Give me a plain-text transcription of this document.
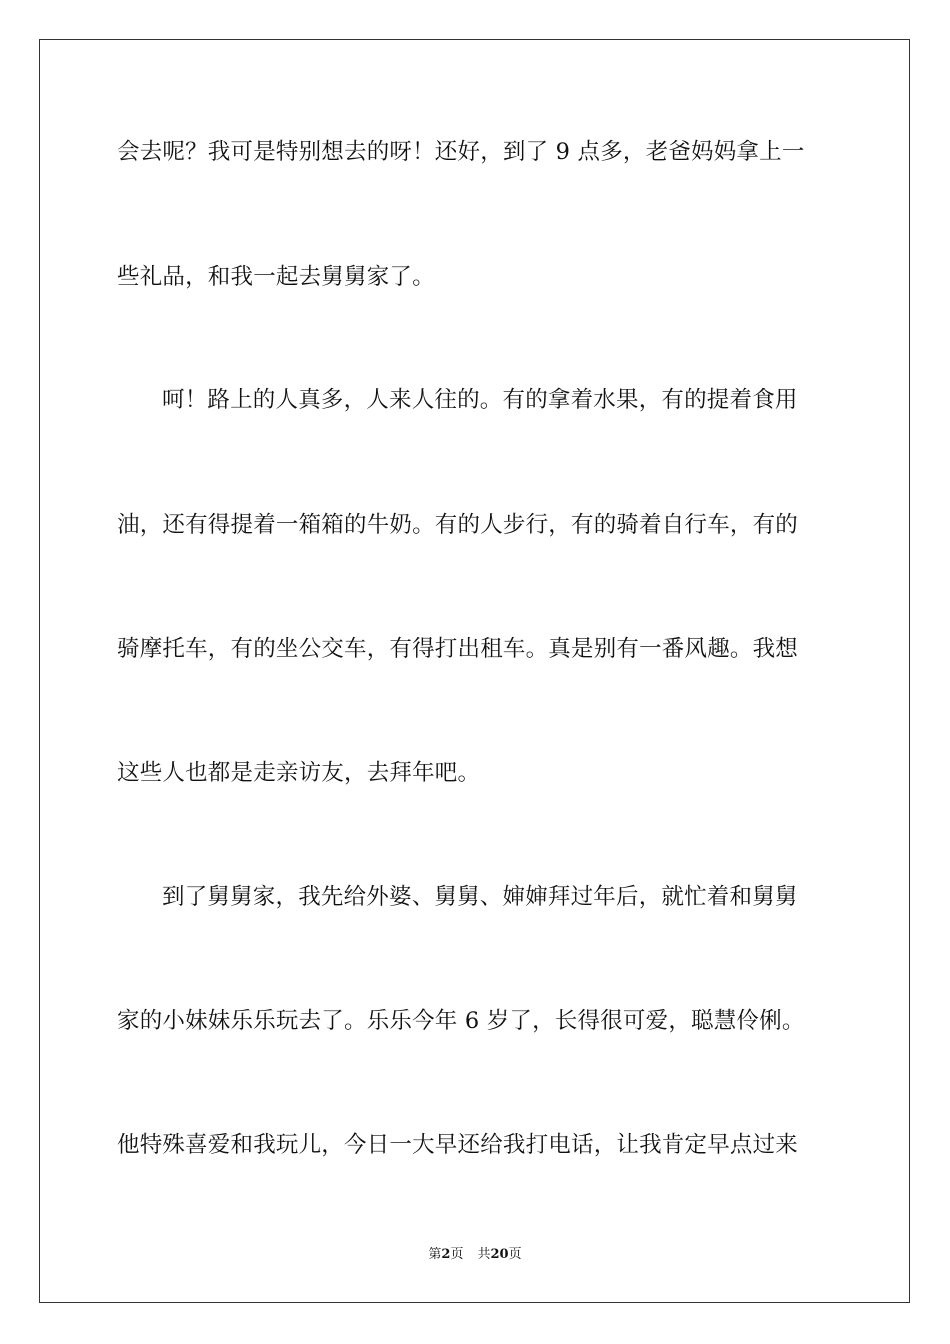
会去呢？我可是特别想去的呀！还好，到了 9 点多，老爸妈妈拿上一
些礼品，和我一起去舅舅家了。
呵！路上的人真多，人来人往的。有的拿着水果，有的提着食用
油，还有得提着一箱箱的牛奶。有的人步行，有的骑着自行车，有的
骑摩托车，有的坐公交车，有得打出租车。真是别有一番风趣。我想
这些人也都是走亲访友，去拜年吧。
到了舅舅家，我先给外婆、舅舅、婶婶拜过年后，就忙着和舅舅
家的小妹妹乐乐玩去了。乐乐今年 6 岁了，长得很可爱，聪慧伶俐。
他特殊喜爱和我玩儿，今日一大早还给我打电话，让我肯定早点过来
第2页 共20页
